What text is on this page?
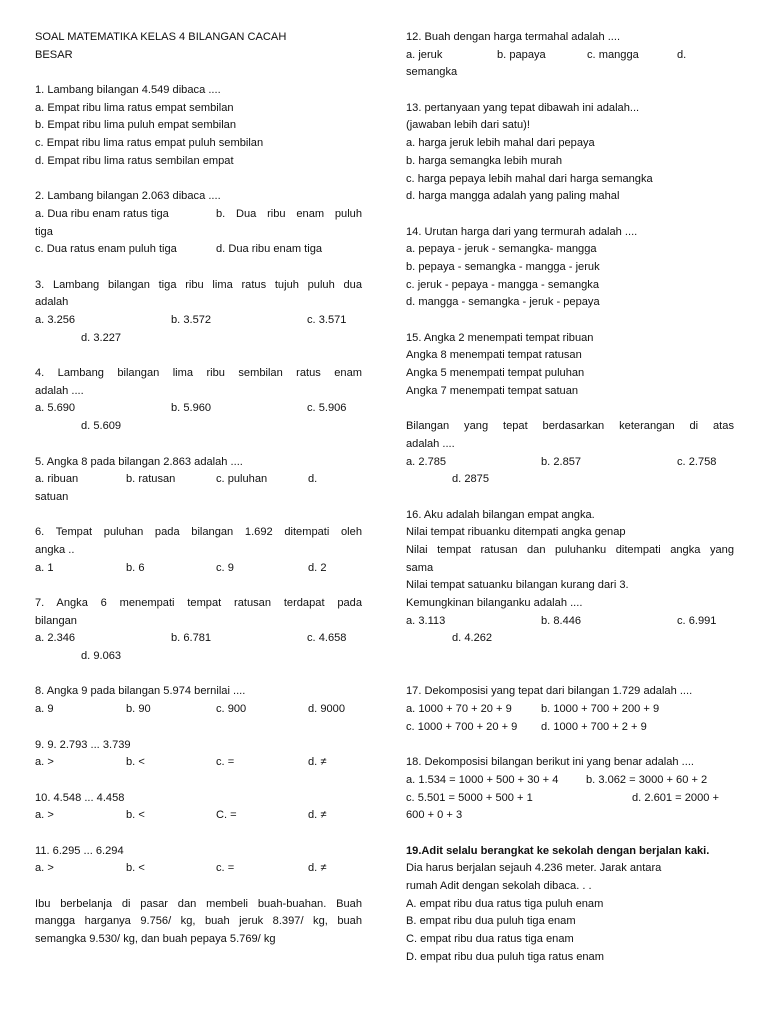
SOAL MATEMATIKA KELAS 4 BILANGAN CACAH
BESAR
1. Lambang bilangan 4.549 dibaca ....
a. Empat ribu lima ratus empat sembilan
b. Empat ribu lima puluh empat sembilan
c. Empat ribu lima ratus empat puluh sembilan
d. Empat ribu lima ratus sembilan empat
2. Lambang bilangan 2.063 dibaca ....
a. Dua ribu enam ratus tiga	b. Dua ribu enam puluh
tiga
c. Dua ratus enam puluh tiga	d. Dua ribu enam tiga
3. Lambang bilangan tiga ribu lima ratus tujuh puluh dua
adalah
a. 3.256	b. 3.572	c. 3.571
d. 3.227
4. Lambang bilangan lima ribu sembilan ratus enam
adalah ....
a. 5.690	b. 5.960	c. 5.906
d. 5.609
5. Angka 8 pada bilangan 2.863 adalah ....
a. ribuan	b. ratusan	c. puluhan	d.
satuan
6. Tempat puluhan pada bilangan 1.692 ditempati oleh
angka ..
a. 1	b. 6	c. 9	d. 2
7. Angka 6 menempati tempat ratusan terdapat pada
bilangan
a. 2.346	b. 6.781	c. 4.658
d. 9.063
8. Angka 9 pada bilangan 5.974 bernilai ....
a. 9	b. 90	c. 900	d. 9000
9. 9. 2.793 ... 3.739
a. >	b. <	c. =	d. ≠
10. 4.548 ... 4.458
a. >	b. <	C. =	d. ≠
11. 6.295 ... 6.294
a. >	b. <	c. =	d. ≠
Ibu berbelanja di pasar dan membeli buah-buahan. Buah
mangga harganya 9.756/ kg, buah jeruk 8.397/ kg, buah
semangka 9.530/ kg, dan buah pepaya 5.769/ kg
12. Buah dengan harga termahal adalah ....
a. jeruk	b. papaya	c. mangga	d.
semangka
13. pertanyaan yang tepat dibawah ini adalah...
(jawaban lebih dari satu)!
a. harga jeruk lebih mahal dari pepaya
b. harga semangka lebih murah
c. harga pepaya lebih mahal dari harga semangka
d. harga mangga adalah yang paling mahal
14. Urutan harga dari yang termurah adalah ....
a. pepaya - jeruk - semangka- mangga
b. pepaya - semangka - mangga - jeruk
c. jeruk - pepaya - mangga - semangka
d. mangga - semangka - jeruk - pepaya
15. Angka 2 menempati tempat ribuan
Angka 8 menempati tempat ratusan
Angka 5 menempati tempat puluhan
Angka 7 menempati tempat satuan
Bilangan yang tepat berdasarkan keterangan di atas
adalah ....
a. 2.785	b. 2.857	c. 2.758
d. 2875
16. Aku adalah bilangan empat angka.
Nilai tempat ribuanku ditempati angka genap
Nilai tempat ratusan dan puluhanku ditempati angka yang
sama
Nilai tempat satuanku bilangan kurang dari 3.
Kemungkinan bilanganku adalah ....
a. 3.113	b. 8.446	c. 6.991
d. 4.262
17. Dekomposisi yang tepat dari bilangan 1.729 adalah ....
a. 1000 + 70 + 20 + 9	b. 1000 + 700 + 200 + 9
c. 1000 + 700 + 20 + 9	d. 1000 + 700 + 2 + 9
18. Dekomposisi bilangan berikut ini yang benar adalah ....
a. 1.534 = 1000 + 500 + 30 + 4	b. 3.062 = 3000 + 60 + 2
c. 5.501 = 5000 + 500 + 1	d. 2.601 = 2000 +
600 + 0 + 3
19.Adit selalu berangkat ke sekolah dengan berjalan kaki.
Dia harus berjalan sejauh 4.236 meter. Jarak antara
rumah Adit dengan sekolah dibaca. . .
A. empat ribu dua ratus tiga puluh enam
B. empat ribu dua puluh tiga enam
C. empat ribu dua ratus tiga enam
D. empat ribu dua puluh tiga ratus enam
